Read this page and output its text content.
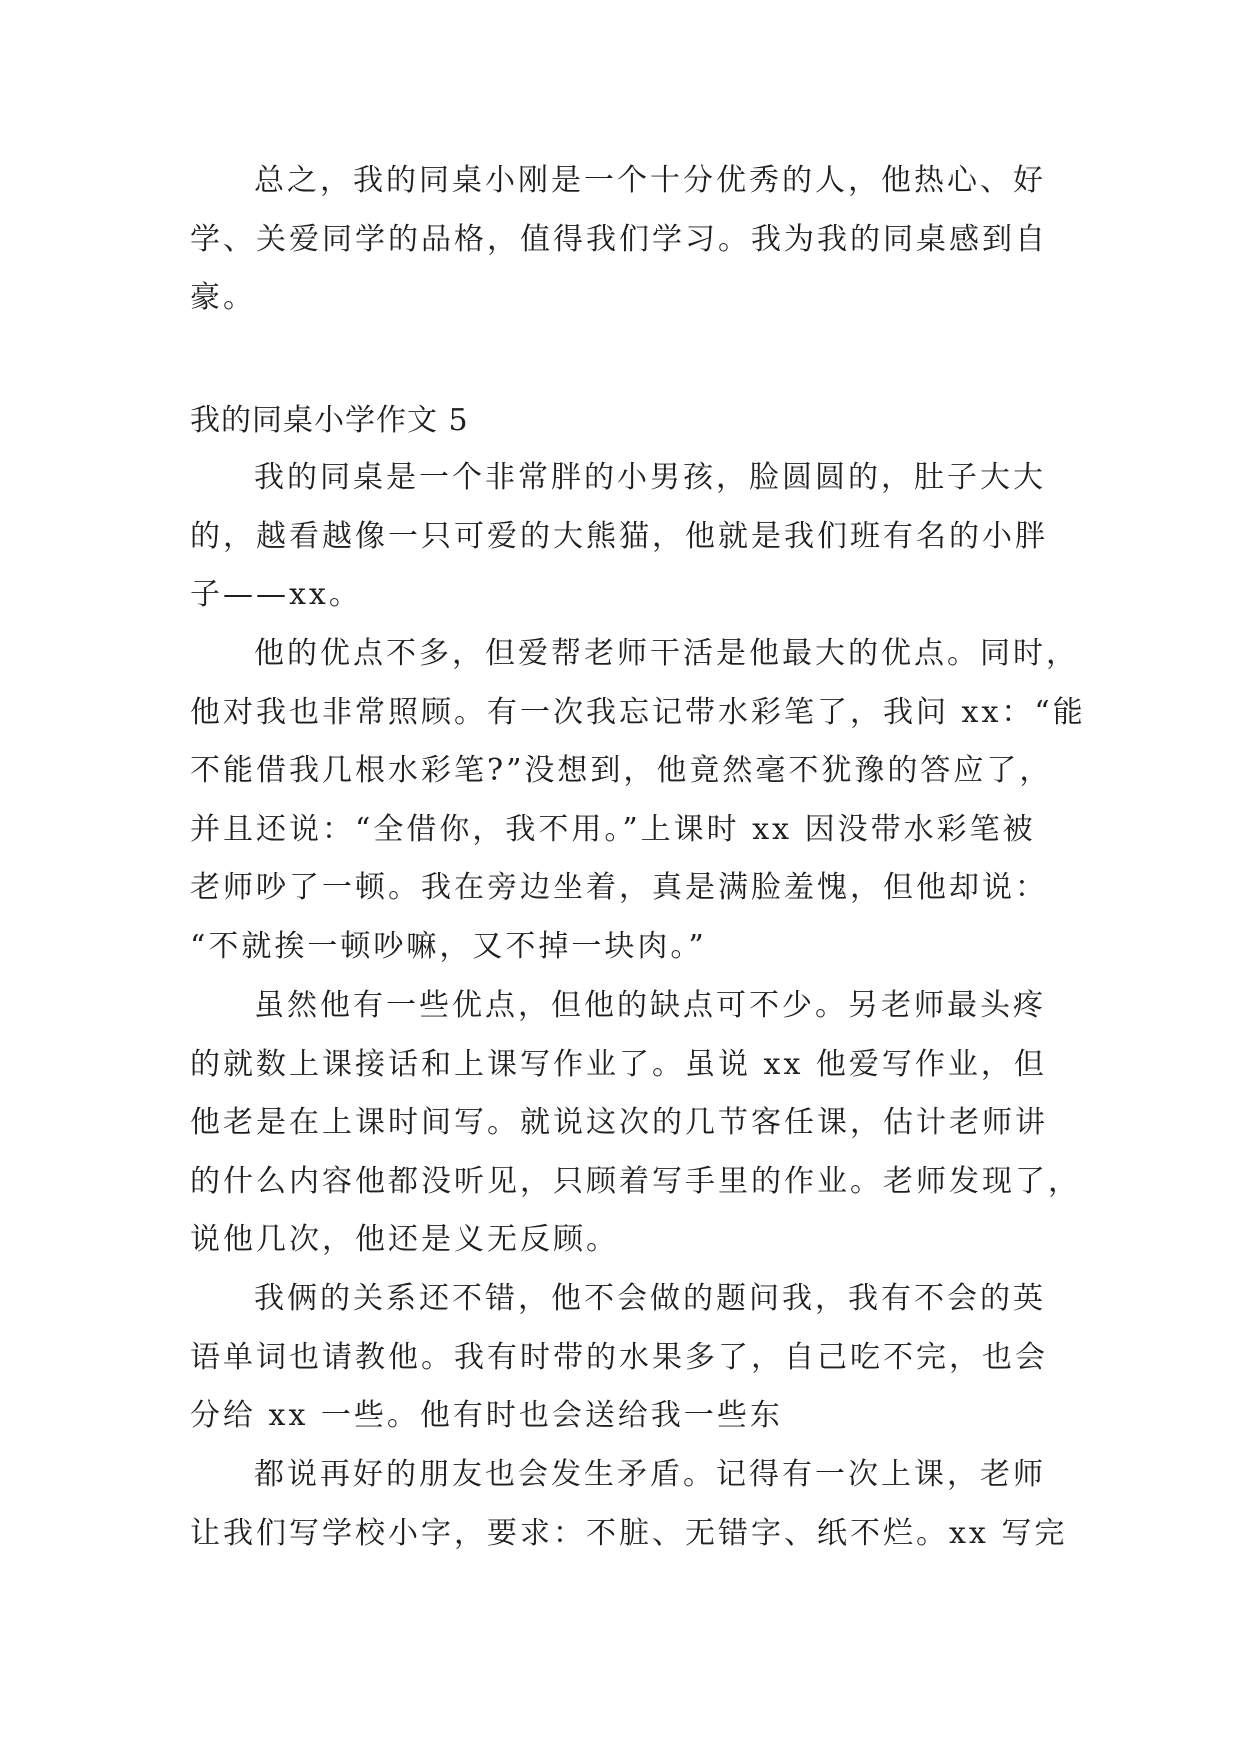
总之，我的同桌小刚是一个十分优秀的人，他热心、好
学、关爱同学的品格，值得我们学习。我为我的同桌感到自
豪。
我的同桌小学作文 5
我的同桌是一个非常胖的小男孩，脸圆圆的，肚子大大
的，越看越像一只可爱的大熊猫，他就是我们班有名的小胖
子——xx。
他的优点不多，但爱帮老师干活是他最大的优点。同时，
他对我也非常照顾。有一次我忘记带水彩笔了，我问 xx：“能
不能借我几根水彩笔?”没想到，他竟然毫不犹豫的答应了，
并且还说：“全借你，我不用。”上课时 xx 因没带水彩笔被
老师吵了一顿。我在旁边坐着，真是满脸羞愧，但他却说：
“不就挨一顿吵嘛，又不掉一块肉。”
虽然他有一些优点，但他的缺点可不少。另老师最头疼
的就数上课接话和上课写作业了。虽说 xx 他爱写作业，但
他老是在上课时间写。就说这次的几节客任课，估计老师讲
的什么内容他都没听见，只顾着写手里的作业。老师发现了，
说他几次，他还是义无反顾。
我俩的关系还不错，他不会做的题问我，我有不会的英
语单词也请教他。我有时带的水果多了，自己吃不完，也会
分给 xx 一些。他有时也会送给我一些东
都说再好的朋友也会发生矛盾。记得有一次上课，老师
让我们写学校小字，要求：不脏、无错字、纸不烂。xx 写完
